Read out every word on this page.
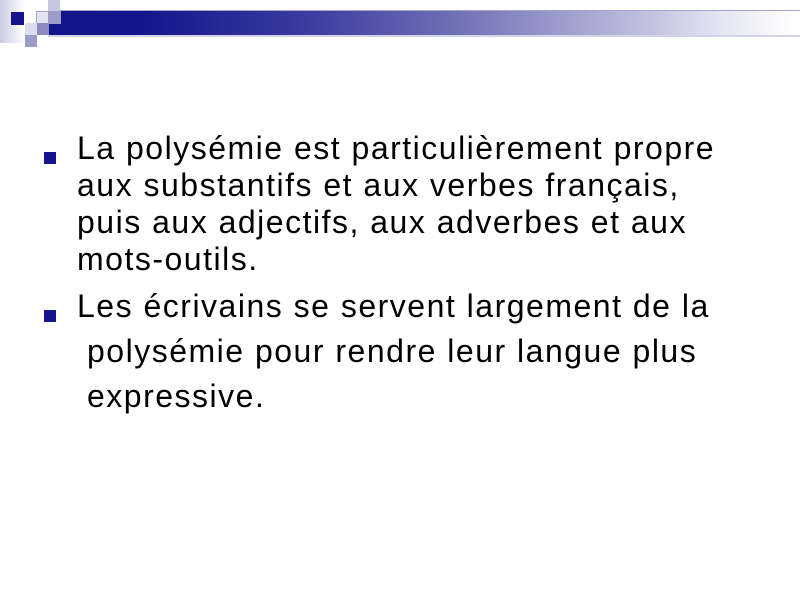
La polysémie est particulièrement propre
aux substantifs et aux verbes français,
puis aux adjectifs, aux adverbes et aux
mots-outils.
Les écrivains se servent largement de la
polysémie pour rendre leur langue plus
expressive.
